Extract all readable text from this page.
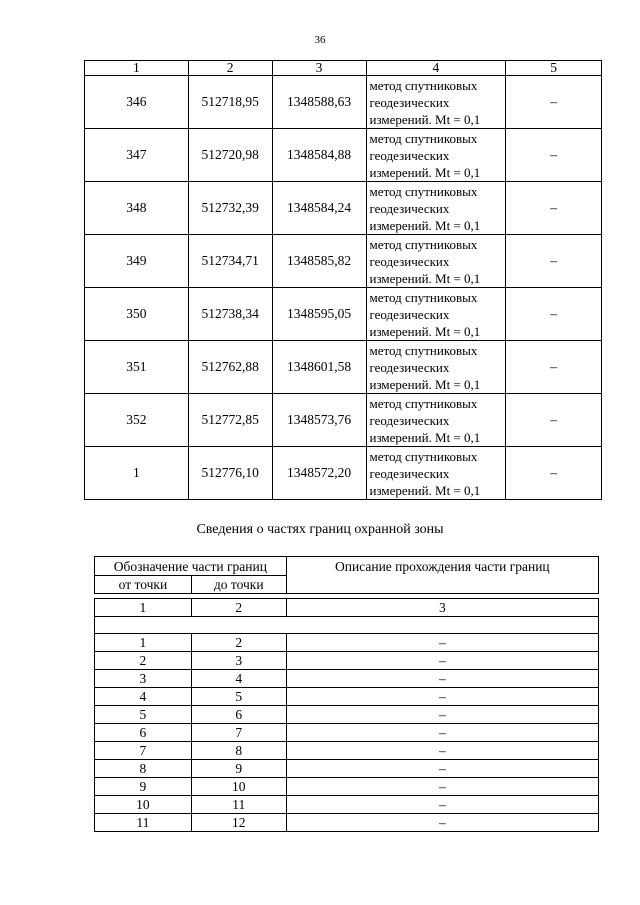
36
1	2	3	4	5
346	512718,95	1348588,63	метод спутниковых
геодезических
измерений. Mt = 0,1	–
347	512720,98	1348584,88	метод спутниковых
геодезических
измерений. Mt = 0,1	–
348	512732,39	1348584,24	метод спутниковых
геодезических
измерений. Mt = 0,1	–
349	512734,71	1348585,82	метод спутниковых
геодезических
измерений. Mt = 0,1	–
350	512738,34	1348595,05	метод спутниковых
геодезических
измерений. Mt = 0,1	–
351	512762,88	1348601,58	метод спутниковых
геодезических
измерений. Mt = 0,1	–
352	512772,85	1348573,76	метод спутниковых
геодезических
измерений. Mt = 0,1	–
1	512776,10	1348572,20	метод спутниковых
геодезических
измерений. Mt = 0,1	–
Сведения о частях границ охранной зоны
Обозначение части границ		Описание прохождения части границ
от точки	до точки	

1	2	3

1	2	–
2	3	–
3	4	–
4	5	–
5	6	–
6	7	–
7	8	–
8	9	–
9	10	–
10	11	–
11	12	–
